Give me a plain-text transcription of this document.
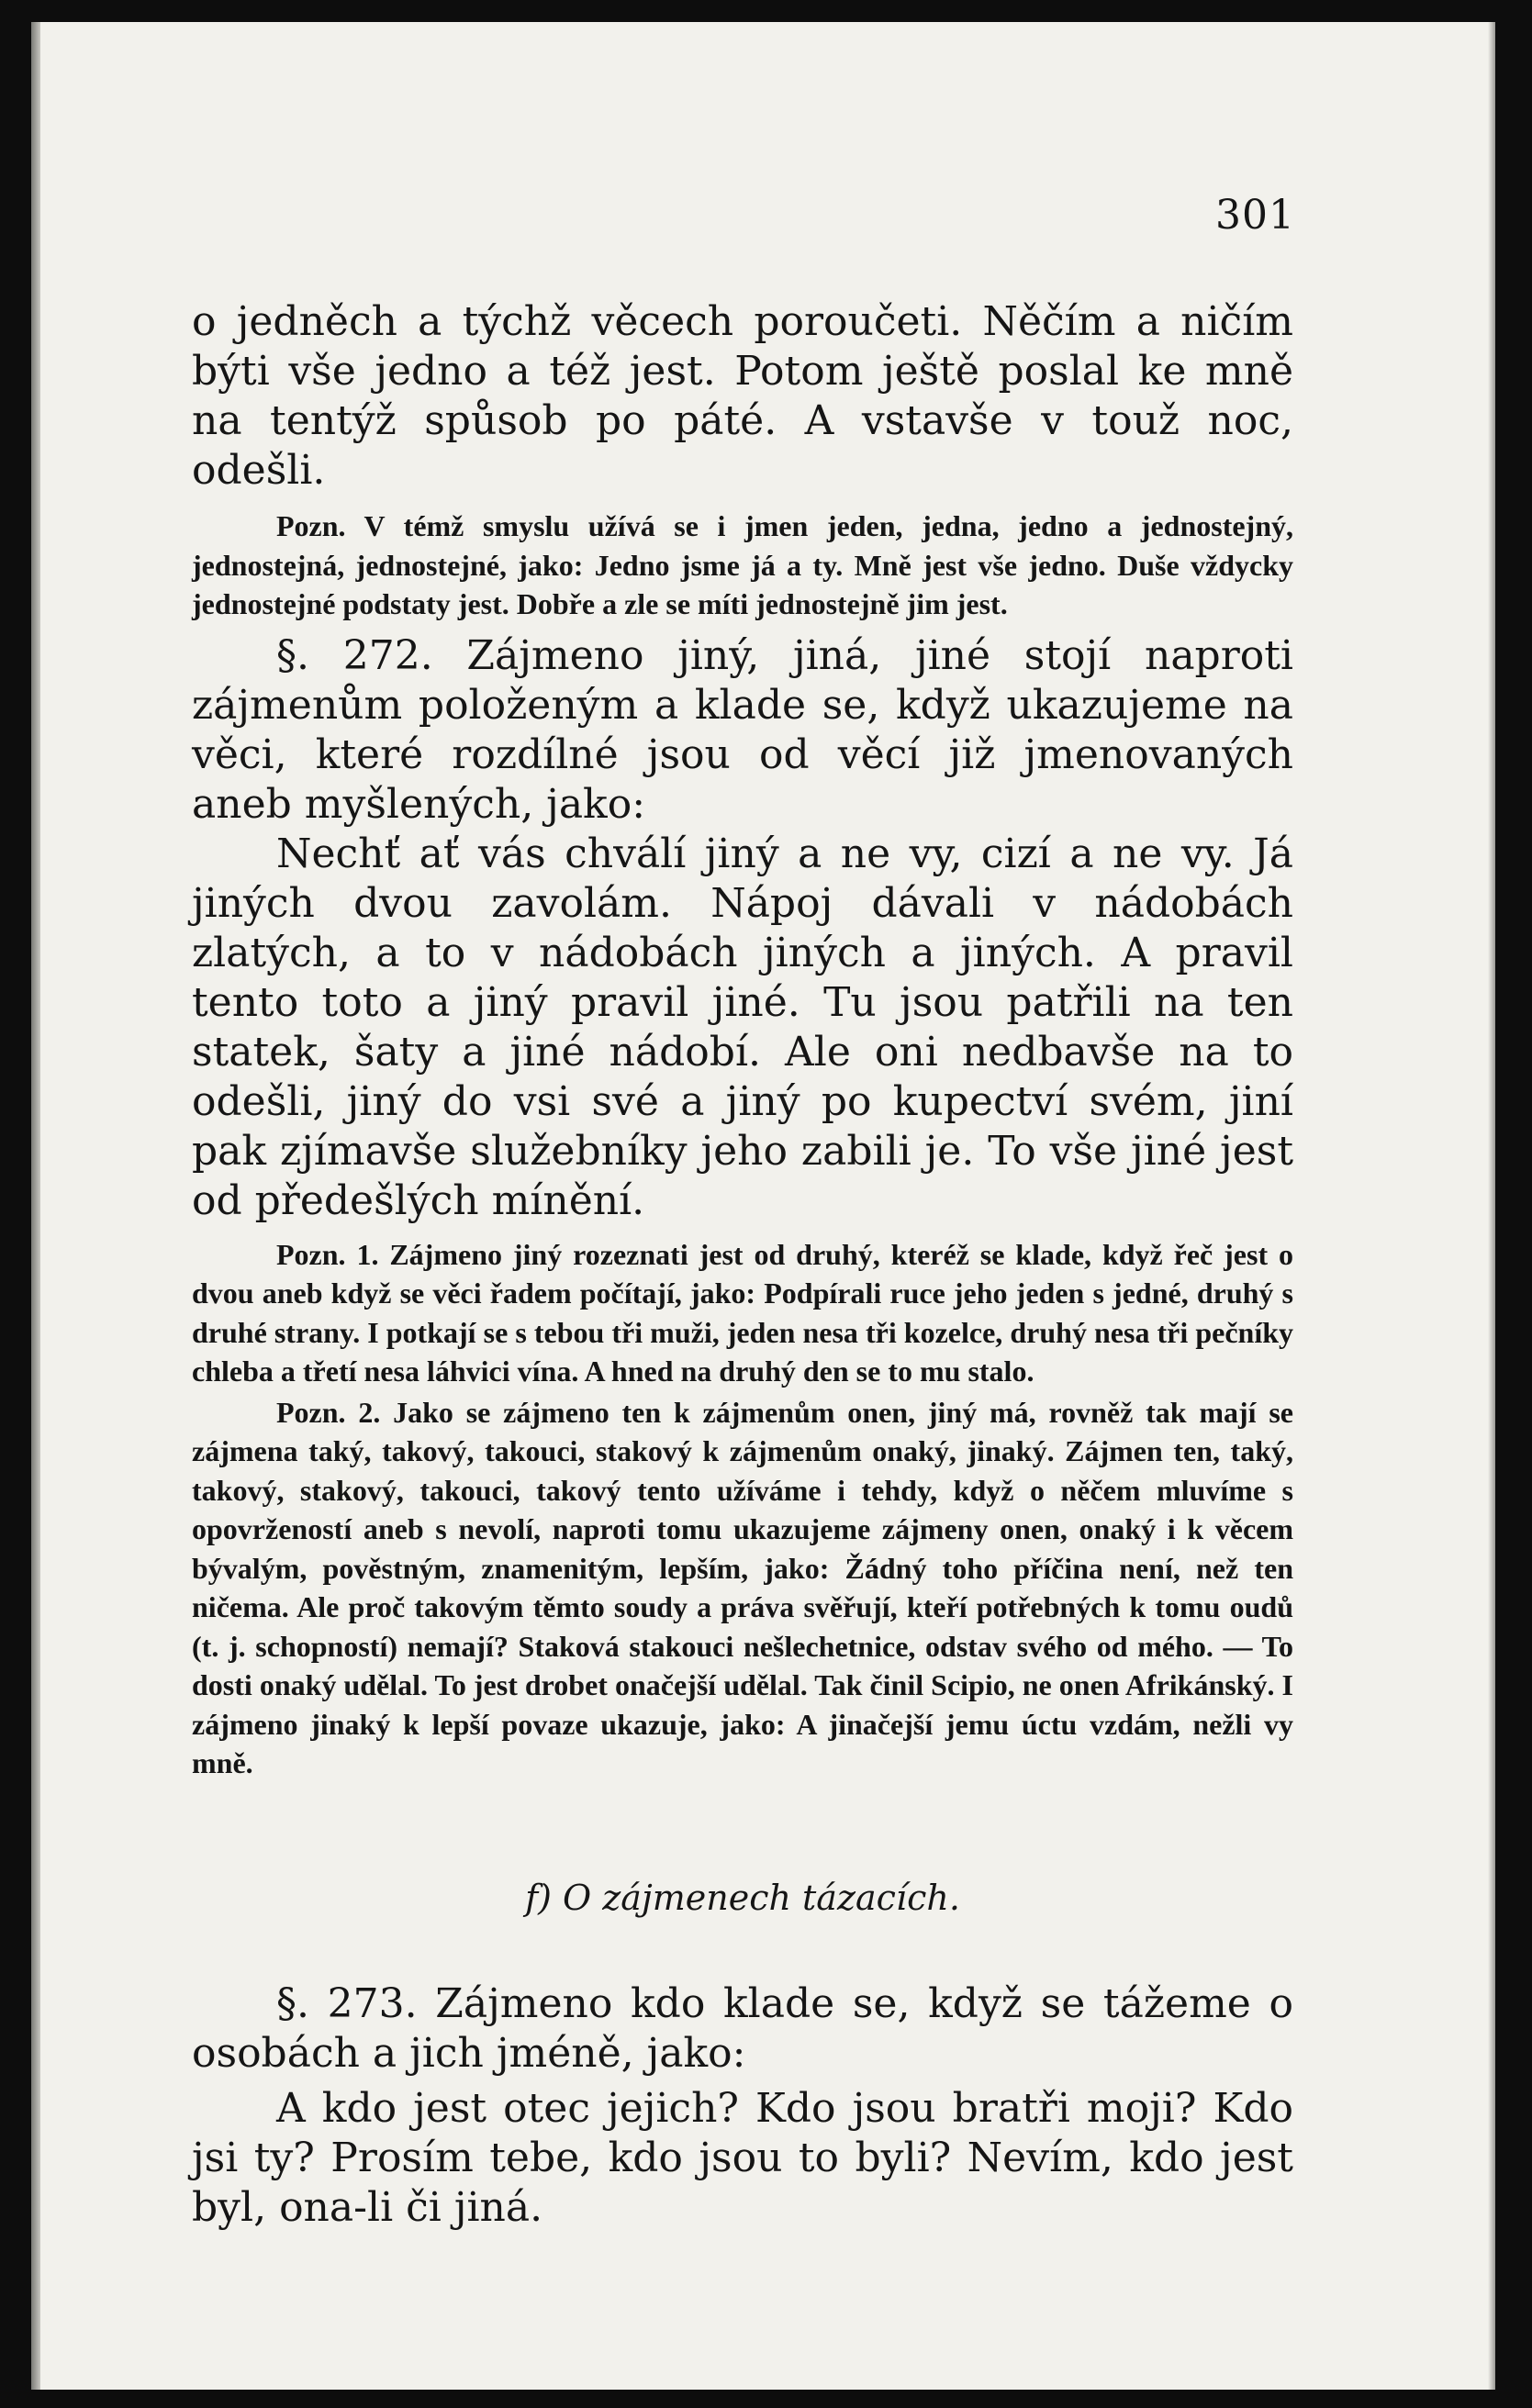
301

o jedněch a týchž věcech poroučeti. Něčím a ničím býti vše jedno a též jest. Potom ještě poslal ke mně na tentýž spůsob po páté. A vstavše v touž noc, odešli.

Pozn. V témž smyslu užívá se i jmen jeden, jedna, jedno a jednostejný, jednostejná, jednostejné, jako: Jedno jsme já a ty. Mně jest vše jedno. Duše vždycky jednostejné podstaty jest. Dobře a zle se míti jednostejně jim jest.

§. 272. Zájmeno jiný, jiná, jiné stojí naproti zájmenům položeným a klade se, když ukazujeme na věci, které rozdílné jsou od věcí již jmenovaných aneb myšlených, jako:

Nechť ať vás chválí jiný a ne vy, cizí a ne vy. Já jiných dvou zavolám. Nápoj dávali v nádobách zlatých, a to v nádobách jiných a jiných. A pravil tento toto a jiný pravil jiné. Tu jsou patřili na ten statek, šaty a jiné nádobí. Ale oni nedbavše na to odešli, jiný do vsi své a jiný po kupectví svém, jiní pak zjímavše služebníky jeho zabili je. To vše jiné jest od předešlých mínění.

Pozn. 1. Zájmeno jiný rozeznati jest od druhý, kteréž se klade, když řeč jest o dvou aneb když se věci řadem počítají, jako: Podpírali ruce jeho jeden s jedné, druhý s druhé strany. I potkají se s tebou tři muži, jeden nesa tři kozelce, druhý nesa tři pečníky chleba a třetí nesa láhvici vína. A hned na druhý den se to mu stalo.

Pozn. 2. Jako se zájmeno ten k zájmenům onen, jiný má, rovněž tak mají se zájmena taký, takový, takouci, stakový k zájmenům onaký, jinaký. Zájmen ten, taký, takový, stakový, takouci, takový tento užíváme i tehdy, když o něčem mluvíme s opovržeností aneb s nevolí, naproti tomu ukazujeme zájmeny onen, onaký i k věcem bývalým, pověstným, znamenitým, lepším, jako: Žádný toho příčina není, než ten ničema. Ale proč takovým těmto soudy a práva svěřují, kteří potřebných k tomu oudů (t. j. schopností) nemají? Staková stakouci nešlechetnice, odstav svého od mého. — To dosti onaký udělal. To jest drobet onačejší udělal. Tak činil Scipio, ne onen Afrikánský. I zájmeno jinaký k lepší povaze ukazuje, jako: A jinačejší jemu úctu vzdám, nežli vy mně.

f) O zájmenech tázacích.

§. 273. Zájmeno kdo klade se, když se tážeme o osobách a jich jméně, jako:

A kdo jest otec jejich? Kdo jsou bratři moji? Kdo jsi ty? Prosím tebe, kdo jsou to byli? Nevím, kdo jest byl, ona-li či jiná.
